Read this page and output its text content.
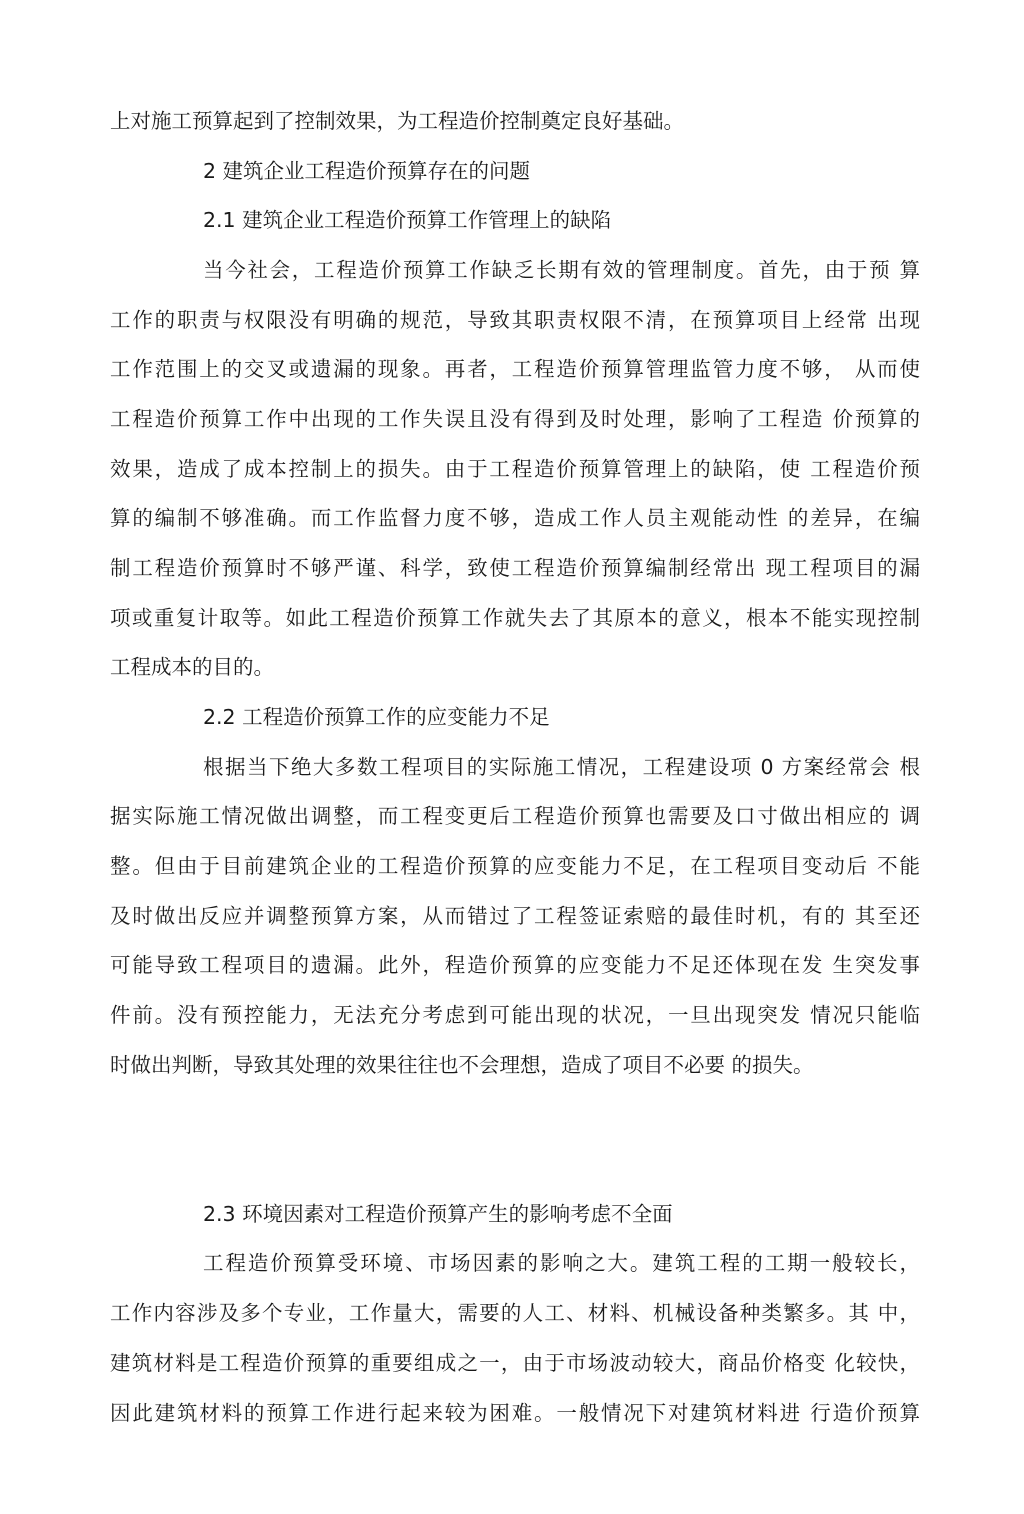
上对施工预算起到了控制效果，为工程造价控制奠定良好基础。
2 建筑企业工程造价预算存在的问题
2.1 建筑企业工程造价预算工作管理上的缺陷
当今社会，工程造价预算工作缺乏长期有效的管理制度。首先，由于预 算
工作的职责与权限没有明确的规范，导致其职责权限不清，在预算项目上经常 出现
工作范围上的交叉或遗漏的现象。再者，工程造价预算管理监管力度不够， 从而使
工程造价预算工作中出现的工作失误且没有得到及时处理，影响了工程造 价预算的
效果，造成了成本控制上的损失。由于工程造价预算管理上的缺陷，使 工程造价预
算的编制不够准确。而工作监督力度不够，造成工作人员主观能动性 的差异，在编
制工程造价预算时不够严谨、科学，致使工程造价预算编制经常出 现工程项目的漏
项或重复计取等。如此工程造价预算工作就失去了其原本的意义，根本不能实现控制
工程成本的目的。
2.2 工程造价预算工作的应变能力不足
根据当下绝大多数工程项目的实际施工情况，工程建设项 0 方案经常会 根
据实际施工情况做出调整，而工程变更后工程造价预算也需要及口寸做出相应的 调
整。但由于目前建筑企业的工程造价预算的应变能力不足，在工程项目变动后 不能
及时做出反应并调整预算方案，从而错过了工程签证索赔的最佳时机，有的 其至还
可能导致工程项目的遗漏。此外，程造价预算的应变能力不足还体现在发 生突发事
件前。没有预控能力，无法充分考虑到可能出现的状况，一旦出现突发 情况只能临
时做出判断，导致其处理的效果往往也不会理想，造成了项目不必要 的损失。
2.3 环境因素对工程造价预算产生的影响考虑不全面
工程造价预算受环境、市场因素的影响之大。建筑工程的工期一般较长，
工作内容涉及多个专业，工作量大，需要的人工、材料、机械设备种类繁多。其 中，
建筑材料是工程造价预算的重要组成之一，由于市场波动较大，商品价格变 化较快，
因此建筑材料的预算工作进行起来较为困难。一般情况下对建筑材料进 行造价预算
